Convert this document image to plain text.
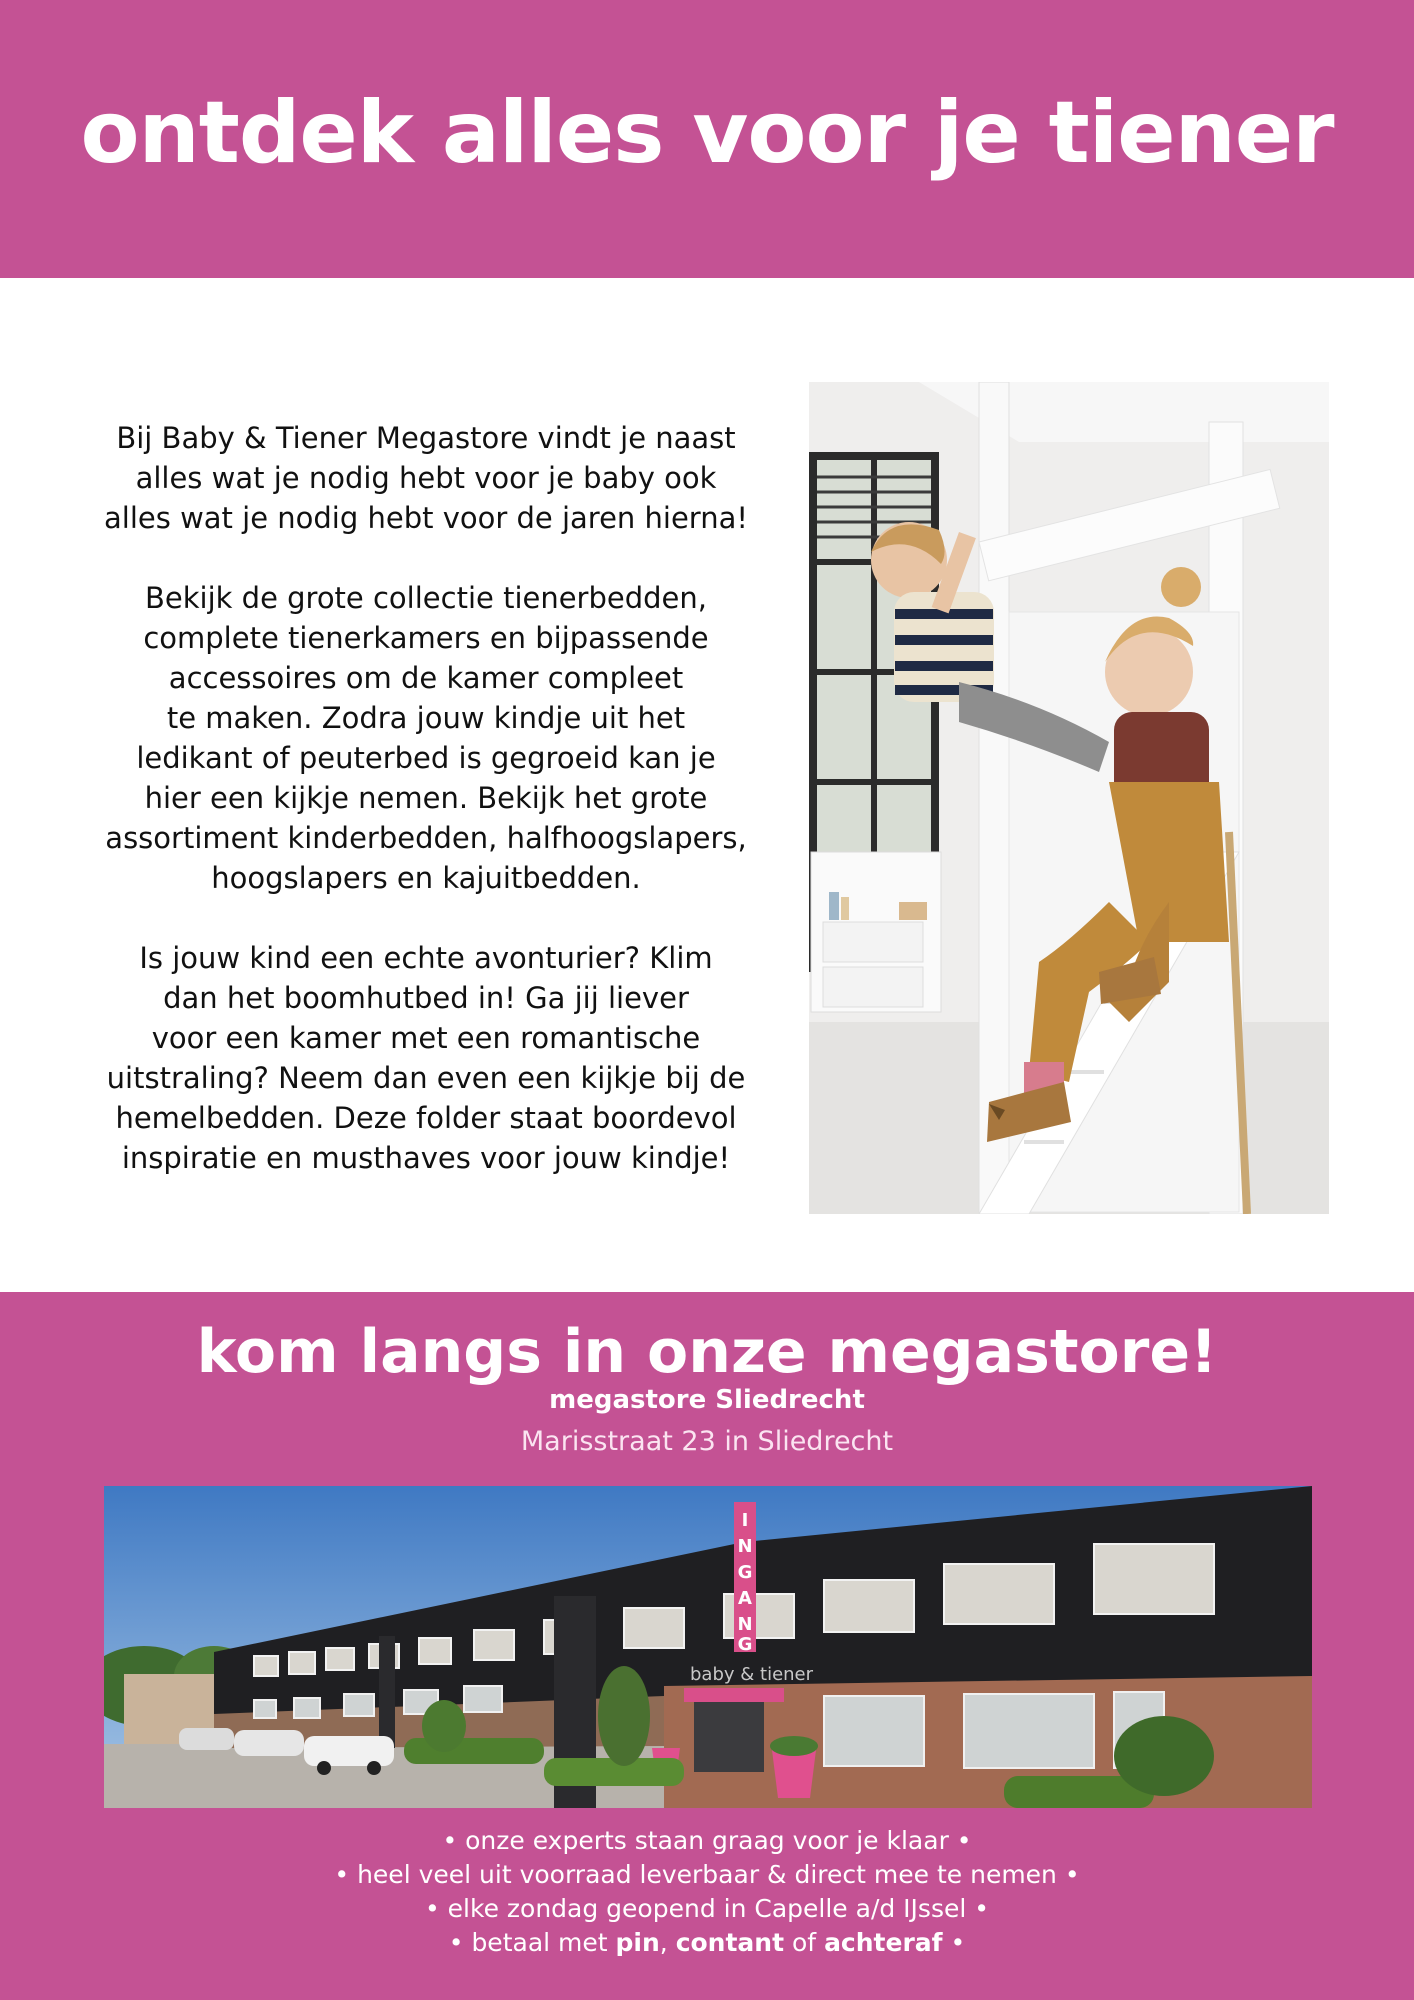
ontdek alles voor je tiener

Bij Baby & Tiener Megastore vindt je naast
alles wat je nodig hebt voor je baby ook
alles wat je nodig hebt voor de jaren hierna!

Bekijk de grote collectie tienerbedden,
complete tienerkamers en bijpassende
accessoires om de kamer compleet
te maken. Zodra jouw kindje uit het
ledikant of peuterbed is gegroeid kan je
hier een kijkje nemen. Bekijk het grote
assortiment kinderbedden, halfhoogslapers,
hoogslapers en kajuitbedden.

Is jouw kind een echte avonturier? Klim
dan het boomhutbed in! Ga jij liever
voor een kamer met een romantische
uitstraling? Neem dan even een kijkje bij de
hemelbedden. Deze folder staat boordevol
inspiratie en musthaves voor jouw kindje!

kom langs in onze megastore!
megastore Sliedrecht
Marisstraat 23 in Sliedrecht
I
N
G
A
N
G
baby & tiener
• onze experts staan graag voor je klaar •
• heel veel uit voorraad leverbaar & direct mee te nemen •
• elke zondag geopend in Capelle a/d IJssel •
• betaal met pin, contant of achteraf •
